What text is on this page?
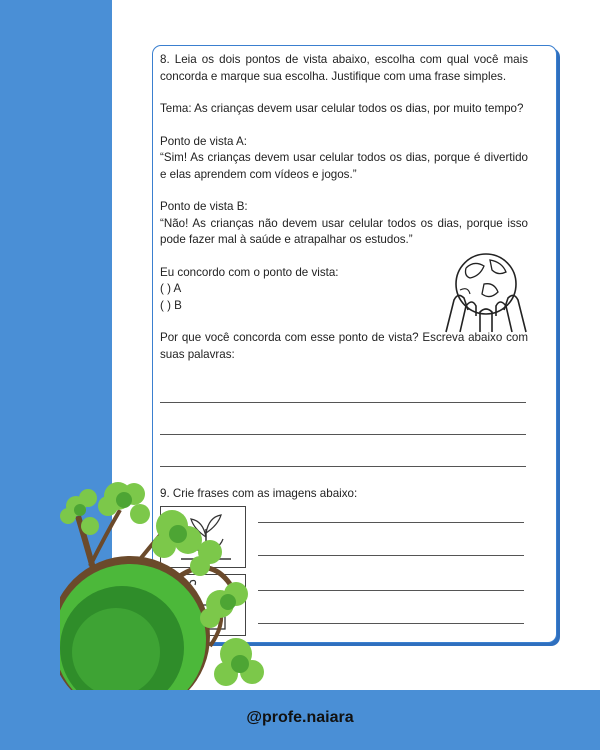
8. Leia os dois pontos de vista abaixo, escolha com qual você mais concorda e marque sua escolha. Justifique com uma frase simples.

Tema: As crianças devem usar celular todos os dias, por muito tempo?

Ponto de vista A:

“Sim! As crianças devem usar celular todos os dias, porque é divertido e elas aprendem com vídeos e jogos.”

Ponto de vista B:

“Não! As crianças não devem usar celular todos os dias, porque isso pode fazer mal à saúde e atrapalhar os estudos.”

Eu concordo com o ponto de vista:

( ) A

( ) B

Por que você concorda com esse ponto de vista? Escreva abaixo com suas palavras:

9. Crie frases com as imagens abaixo:

@profe.naiara
